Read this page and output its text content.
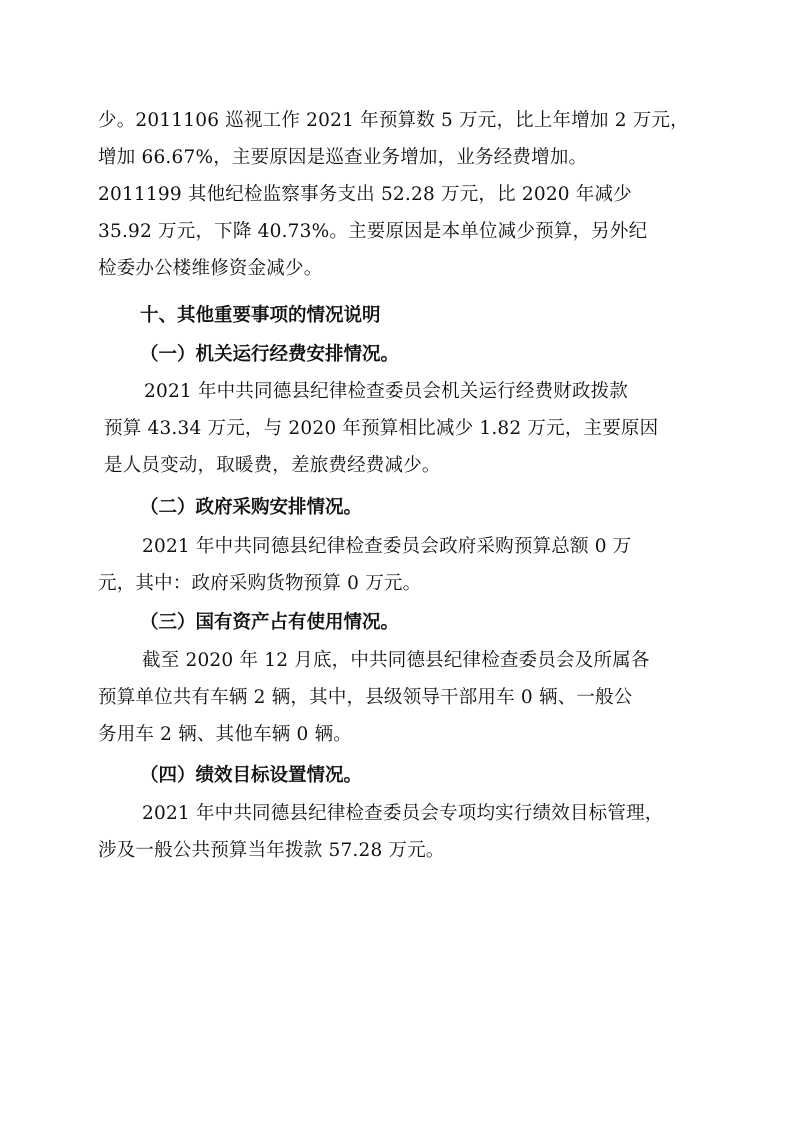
少。2011106 巡视工作 2021 年预算数 5 万元，比上年增加 2 万元，
增加 66.67%，主要原因是巡查业务增加，业务经费增加。
2011199 其他纪检监察事务支出 52.28 万元，比 2020 年减少
35.92 万元，下降 40.73%。主要原因是本单位减少预算，另外纪
检委办公楼维修资金减少。
十、其他重要事项的情况说明
（一）机关运行经费安排情况。
2021 年中共同德县纪律检查委员会机关运行经费财政拨款
预算 43.34 万元，与 2020 年预算相比减少 1.82 万元，主要原因
是人员变动，取暖费，差旅费经费减少。
（二）政府采购安排情况。
2021 年中共同德县纪律检查委员会政府采购预算总额 0 万
元，其中：政府采购货物预算 0 万元。
（三）国有资产占有使用情况。
截至 2020 年 12 月底，中共同德县纪律检查委员会及所属各
预算单位共有车辆 2 辆，其中，县级领导干部用车 0 辆、一般公
务用车 2 辆、其他车辆 0 辆。
（四）绩效目标设置情况。
2021 年中共同德县纪律检查委员会专项均实行绩效目标管理，
涉及一般公共预算当年拨款 57.28 万元。
